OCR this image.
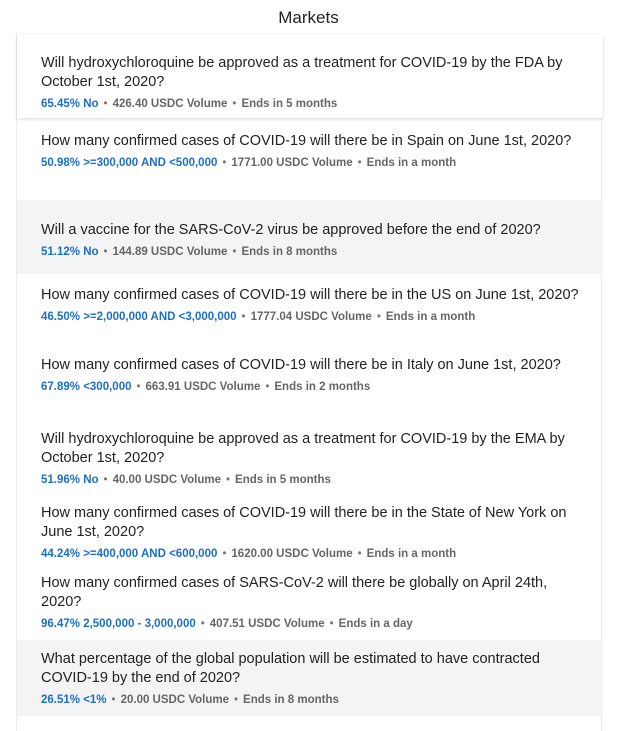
Markets

Will hydroxychloroquine be approved as a treatment for COVID-19 by the FDA by October 1st, 2020?

65.45% No • 426.40 USDC Volume • Ends in 5 months

How many confirmed cases of COVID-19 will there be in Spain on June 1st, 2020?

50.98% >=300,000 AND <500,000 • 1771.00 USDC Volume • Ends in a month

Will a vaccine for the SARS-CoV-2 virus be approved before the end of 2020?

51.12% No • 144.89 USDC Volume • Ends in 8 months

How many confirmed cases of COVID-19 will there be in the US on June 1st, 2020?

46.50% >=2,000,000 AND <3,000,000 • 1777.04 USDC Volume • Ends in a month

How many confirmed cases of COVID-19 will there be in Italy on June 1st, 2020?

67.89% <300,000 • 663.91 USDC Volume • Ends in 2 months

Will hydroxychloroquine be approved as a treatment for COVID-19 by the EMA by October 1st, 2020?

51.96% No • 40.00 USDC Volume • Ends in 5 months

How many confirmed cases of COVID-19 will there be in the State of New York on June 1st, 2020?

44.24% >=400,000 AND <600,000 • 1620.00 USDC Volume • Ends in a month

How many confirmed cases of SARS-CoV-2 will there be globally on April 24th, 2020?

96.47% 2,500,000 - 3,000,000 • 407.51 USDC Volume • Ends in a day

What percentage of the global population will be estimated to have contracted COVID-19 by the end of 2020?

26.51% <1% • 20.00 USDC Volume • Ends in 8 months
